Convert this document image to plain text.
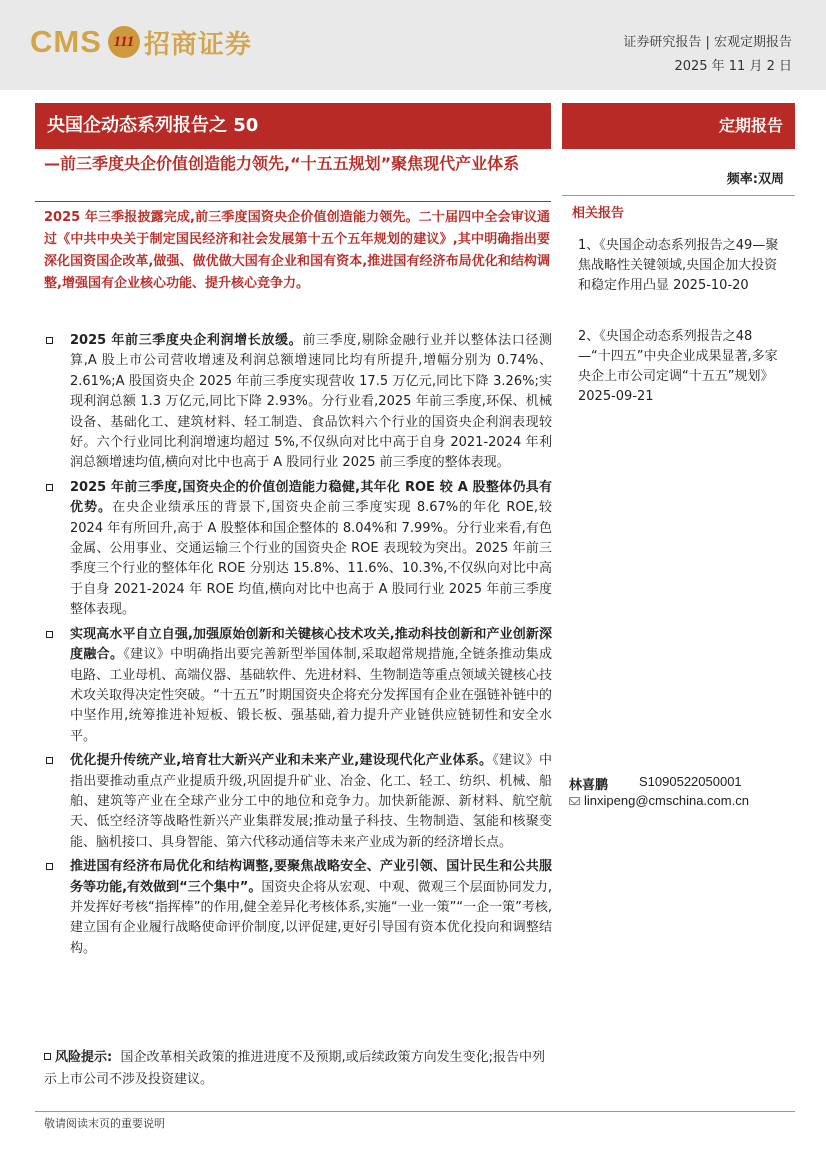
CMS 111 招商证券	证券研究报告 | 宏观定期报告
2025 年 11 月 2 日
央国企动态系列报告之 50	定期报告
—前三季度央企价值创造能力领先,“十五五规划”聚焦现代产业体系
频率:双周
相关报告
1、《央国企动态系列报告之49—聚焦战略性关键领域,央国企加大投资和稳定作用凸显 2025-10-20
2、《央国企动态系列报告之48—“十四五”中央企业成果显著,多家央企上市公司定调“十五五”规划》2025-09-21
2025 年三季报披露完成,前三季度国资央企价值创造能力领先。二十届四中全会审议通过《中共中央关于制定国民经济和社会发展第十五个五年规划的建议》,其中明确指出要深化国资国企改革,做强、做优做大国有企业和国有资本,推进国有经济布局优化和结构调整,增强国有企业核心功能、提升核心竞争力。
2025 年前三季度央企利润增长放缓。前三季度,剔除金融行业并以整体法口径测算,A 股上市公司营收增速及利润总额增速同比均有所提升,增幅分别为 0.74%、2.61%;A 股国资央企 2025 年前三季度实现营收 17.5 万亿元,同比下降 3.26%;实现利润总额 1.3 万亿元,同比下降 2.93%。分行业看,2025 年前三季度,环保、机械设备、基础化工、建筑材料、轻工制造、食品饮料六个行业的国资央企利润表现较好。六个行业同比利润增速均超过 5%,不仅纵向对比中高于自身 2021-2024 年利润总额增速均值,横向对比中也高于 A 股同行业 2025 前三季度的整体表现。
2025 年前三季度,国资央企的价值创造能力稳健,其年化 ROE 较 A 股整体仍具有优势。在央企业绩承压的背景下,国资央企前三季度实现 8.67%的年化 ROE,较 2024 年有所回升,高于 A 股整体和国企整体的 8.04%和 7.99%。分行业来看,有色金属、公用事业、交通运输三个行业的国资央企 ROE 表现较为突出。2025 年前三季度三个行业的整体年化 ROE 分别达 15.8%、11.6%、10.3%,不仅纵向对比中高于自身 2021-2024 年 ROE 均值,横向对比中也高于 A 股同行业 2025 年前三季度整体表现。
实现高水平自立自强,加强原始创新和关键核心技术攻关,推动科技创新和产业创新深度融合。《建议》中明确指出要完善新型举国体制,采取超常规措施,全链条推动集成电路、工业母机、高端仪器、基础软件、先进材料、生物制造等重点领域关键核心技术攻关取得决定性突破。“十五五”时期国资央企将充分发挥国有企业在强链补链中的中坚作用,统筹推进补短板、锻长板、强基础,着力提升产业链供应链韧性和安全水平。
优化提升传统产业,培育壮大新兴产业和未来产业,建设现代化产业体系。《建议》中指出要推动重点产业提质升级,巩固提升矿业、冶金、化工、轻工、纺织、机械、船舶、建筑等产业在全球产业分工中的地位和竞争力。加快新能源、新材料、航空航天、低空经济等战略性新兴产业集群发展;推动量子科技、生物制造、氢能和核聚变能、脑机接口、具身智能、第六代移动通信等未来产业成为新的经济增长点。
推进国有经济布局优化和结构调整,要聚焦战略安全、产业引领、国计民生和公共服务等功能,有效做到“三个集中”。国资央企将从宏观、中观、微观三个层面协同发力,并发挥好考核“指挥棒”的作用,健全差异化考核体系,实施“一业一策”“一企一策”考核,建立国有企业履行战略使命评价制度,以评促建,更好引导国有资本优化投向和调整结构。
风险提示: 国企改革相关政策的推进进度不及预期,或后续政策方向发生变化;报告中列示上市公司不涉及投资建议。
林喜鹏 S1090522050001
linxipeng@cmschina.com.cn
敬请阅读末页的重要说明
